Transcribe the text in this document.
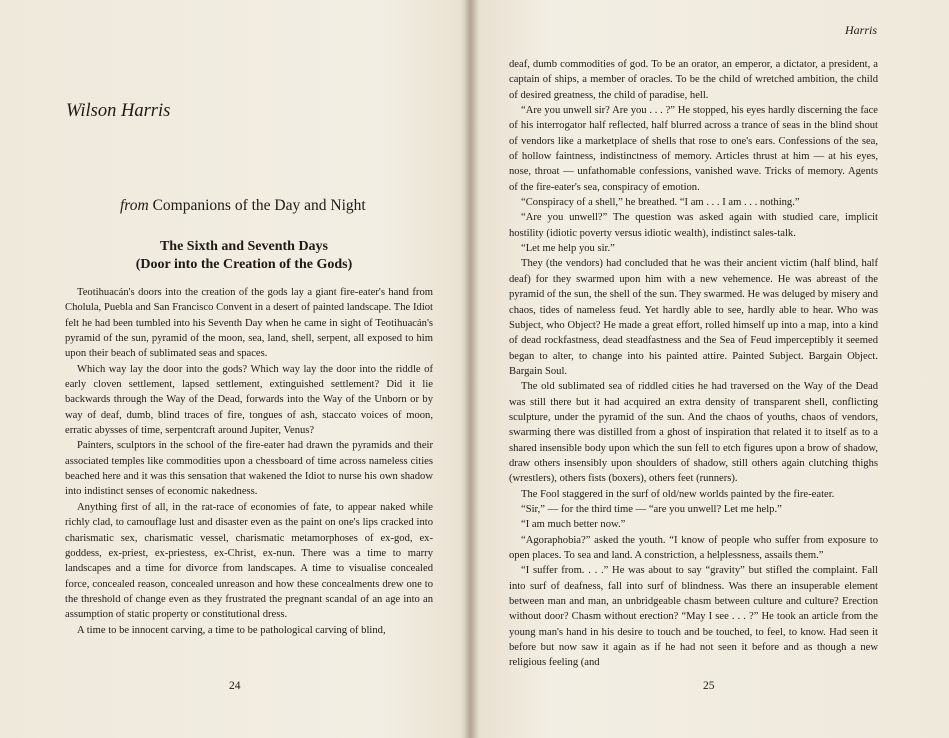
Wilson Harris
from Companions of the Day and Night
The Sixth and Seventh Days
(Door into the Creation of the Gods)

Teotihuacán's doors into the creation of the gods lay a giant fire-eater's hand from Cholula, Puebla and San Francisco Convent in a desert of painted landscape. The Idiot felt he had been tumbled into his Seventh Day when he came in sight of Teotihuacán's pyramid of the sun, pyramid of the moon, sea, land, shell, serpent, all exposed to him upon their beach of sublimated seas and spaces.

Which way lay the door into the gods? Which way lay the door into the riddle of early cloven settlement, lapsed settlement, extinguished settlement? Did it lie backwards through the Way of the Dead, forwards into the Way of the Unborn or by way of deaf, dumb, blind traces of fire, tongues of ash, staccato voices of moon, erratic abysses of time, serpentcraft around Jupiter, Venus?

Painters, sculptors in the school of the fire-eater had drawn the pyramids and their associated temples like commodities upon a chessboard of time across nameless cities beached here and it was this sensation that wakened the Idiot to nurse his own shadow into indistinct senses of economic nakedness.

Anything first of all, in the rat-race of economies of fate, to appear naked while richly clad, to camouflage lust and disaster even as the paint on one's lips cracked into charismatic sex, charismatic vessel, charismatic metamorphoses of ex-god, ex-goddess, ex-priest, ex-priestess, ex-Christ, ex-nun. There was a time to marry landscapes and a time for divorce from landscapes. A time to visualise concealed force, concealed reason, concealed unreason and how these concealments drew one to the threshold of change even as they frustrated the pregnant scandal of an age into an assumption of static property or constitutional dress.

A time to be innocent carving, a time to be pathological carving of blind,

24
Harris

deaf, dumb commodities of god. To be an orator, an emperor, a dictator, a president, a captain of ships, a member of oracles. To be the child of wretched ambition, the child of desired greatness, the child of paradise, hell.

“Are you unwell sir? Are you . . . ?” He stopped, his eyes hardly discerning the face of his interrogator half reflected, half blurred across a trance of seas in the blind shout of vendors like a marketplace of shells that rose to one's ears. Confessions of the sea, of hollow faintness, indistinctness of memory. Articles thrust at him — at his eyes, nose, throat — unfathomable confessions, vanished wave. Tricks of memory. Agents of the fire-eater's sea, conspiracy of emotion.

“Conspiracy of a shell,” he breathed. “I am . . . I am . . . nothing.”

“Are you unwell?” The question was asked again with studied care, implicit hostility (idiotic poverty versus idiotic wealth), indistinct sales-talk.

“Let me help you sir.”

They (the vendors) had concluded that he was their ancient victim (half blind, half deaf) for they swarmed upon him with a new vehemence. He was abreast of the pyramid of the sun, the shell of the sun. They swarmed. He was deluged by misery and chaos, tides of nameless feud. Yet hardly able to see, hardly able to hear. Who was Subject, who Object? He made a great effort, rolled himself up into a map, into a kind of dead rockfastness, dead steadfastness and the Sea of Feud imperceptibly it seemed began to alter, to change into his painted attire. Painted Subject. Bargain Object. Bargain Soul.

The old sublimated sea of riddled cities he had traversed on the Way of the Dead was still there but it had acquired an extra density of transparent shell, conflicting sculpture, under the pyramid of the sun. And the chaos of youths, chaos of vendors, swarming there was distilled from a ghost of inspiration that related it to itself as to a shared insensible body upon which the sun fell to etch figures upon a brow of shadow, draw others insensibly upon shoulders of shadow, still others again clutching thighs (wrestlers), others fists (boxers), others feet (runners).

The Fool staggered in the surf of old/new worlds painted by the fire-eater.

“Sir,” — for the third time — “are you unwell? Let me help.”

“I am much better now.”

“Agoraphobia?” asked the youth. “I know of people who suffer from exposure to open places. To sea and land. A constriction, a helplessness, assails them.”

“I suffer from. . . .” He was about to say “gravity” but stifled the complaint. Fall into surf of deafness, fall into surf of blindness. Was there an insuperable element between man and man, an unbridgeable chasm between culture and culture? Erection without door? Chasm without erection? “May I see . . . ?” He took an article from the young man's hand in his desire to touch and be touched, to feel, to know. Had seen it before but now saw it again as if he had not seen it before and as though a new religious feeling (and

25
